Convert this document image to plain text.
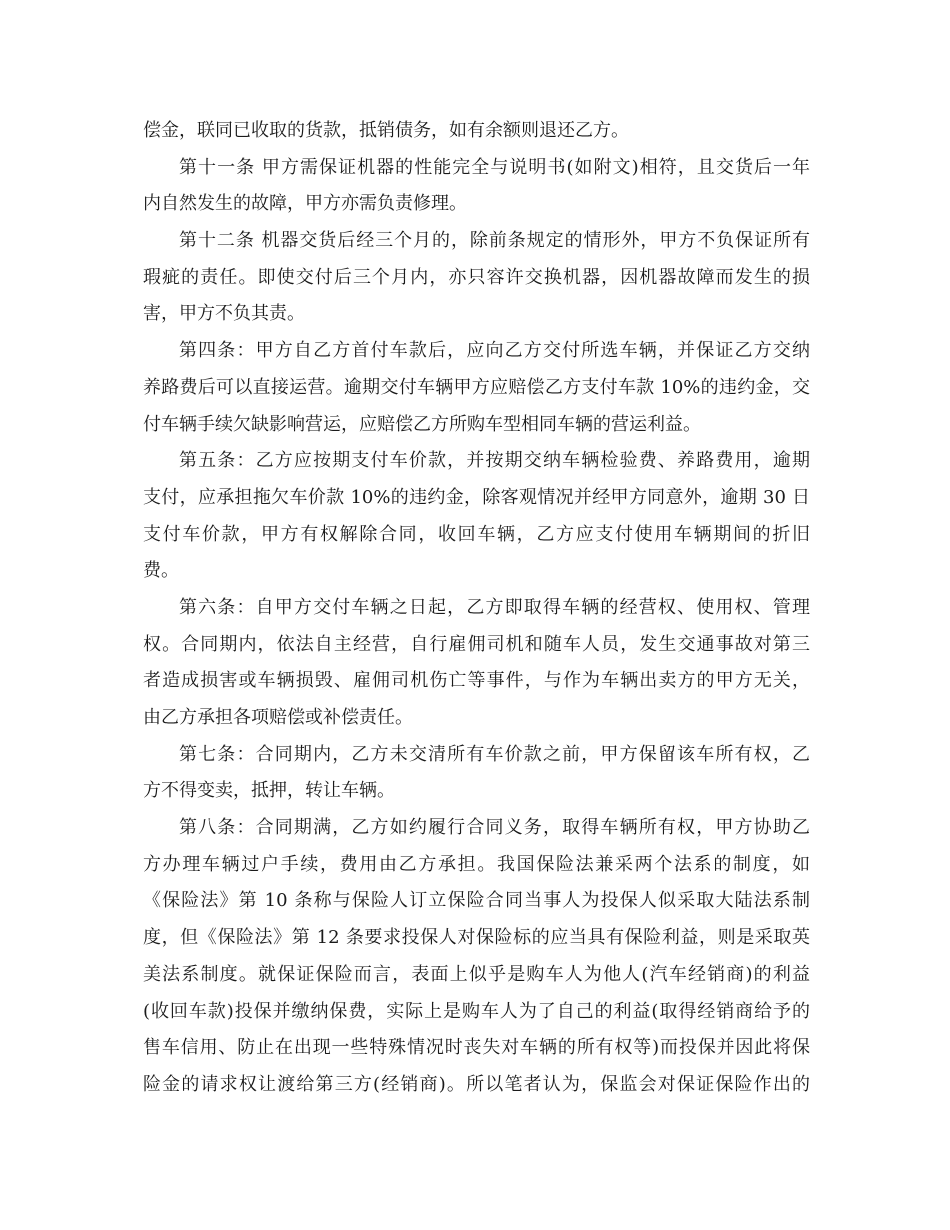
偿金，联同已收取的货款，抵销债务，如有余额则退还乙方。
第十一条 甲方需保证机器的性能完全与说明书(如附文)相符，且交货后一年
内自然发生的故障，甲方亦需负责修理。
第十二条 机器交货后经三个月的，除前条规定的情形外，甲方不负保证所有
瑕疵的责任。即使交付后三个月内，亦只容许交换机器，因机器故障而发生的损
害，甲方不负其责。
第四条：甲方自乙方首付车款后，应向乙方交付所选车辆，并保证乙方交纳
养路费后可以直接运营。逾期交付车辆甲方应赔偿乙方支付车款 10%的违约金，交
付车辆手续欠缺影响营运，应赔偿乙方所购车型相同车辆的营运利益。
第五条：乙方应按期支付车价款，并按期交纳车辆检验费、养路费用，逾期
支付，应承担拖欠车价款 10%的违约金，除客观情况并经甲方同意外，逾期 30 日
支付车价款，甲方有权解除合同，收回车辆，乙方应支付使用车辆期间的折旧
费。
第六条：自甲方交付车辆之日起，乙方即取得车辆的经营权、使用权、管理
权。合同期内，依法自主经营，自行雇佣司机和随车人员，发生交通事故对第三
者造成损害或车辆损毁、雇佣司机伤亡等事件，与作为车辆出卖方的甲方无关，
由乙方承担各项赔偿或补偿责任。
第七条：合同期内，乙方未交清所有车价款之前，甲方保留该车所有权，乙
方不得变卖，抵押，转让车辆。
第八条：合同期满，乙方如约履行合同义务，取得车辆所有权，甲方协助乙
方办理车辆过户手续，费用由乙方承担。我国保险法兼采两个法系的制度，如
《保险法》第 10 条称与保险人订立保险合同当事人为投保人似采取大陆法系制
度，但《保险法》第 12 条要求投保人对保险标的应当具有保险利益，则是采取英
美法系制度。就保证保险而言，表面上似乎是购车人为他人(汽车经销商)的利益
(收回车款)投保并缴纳保费，实际上是购车人为了自己的利益(取得经销商给予的
售车信用、防止在出现一些特殊情况时丧失对车辆的所有权等)而投保并因此将保
险金的请求权让渡给第三方(经销商)。所以笔者认为，保监会对保证保险作出的
